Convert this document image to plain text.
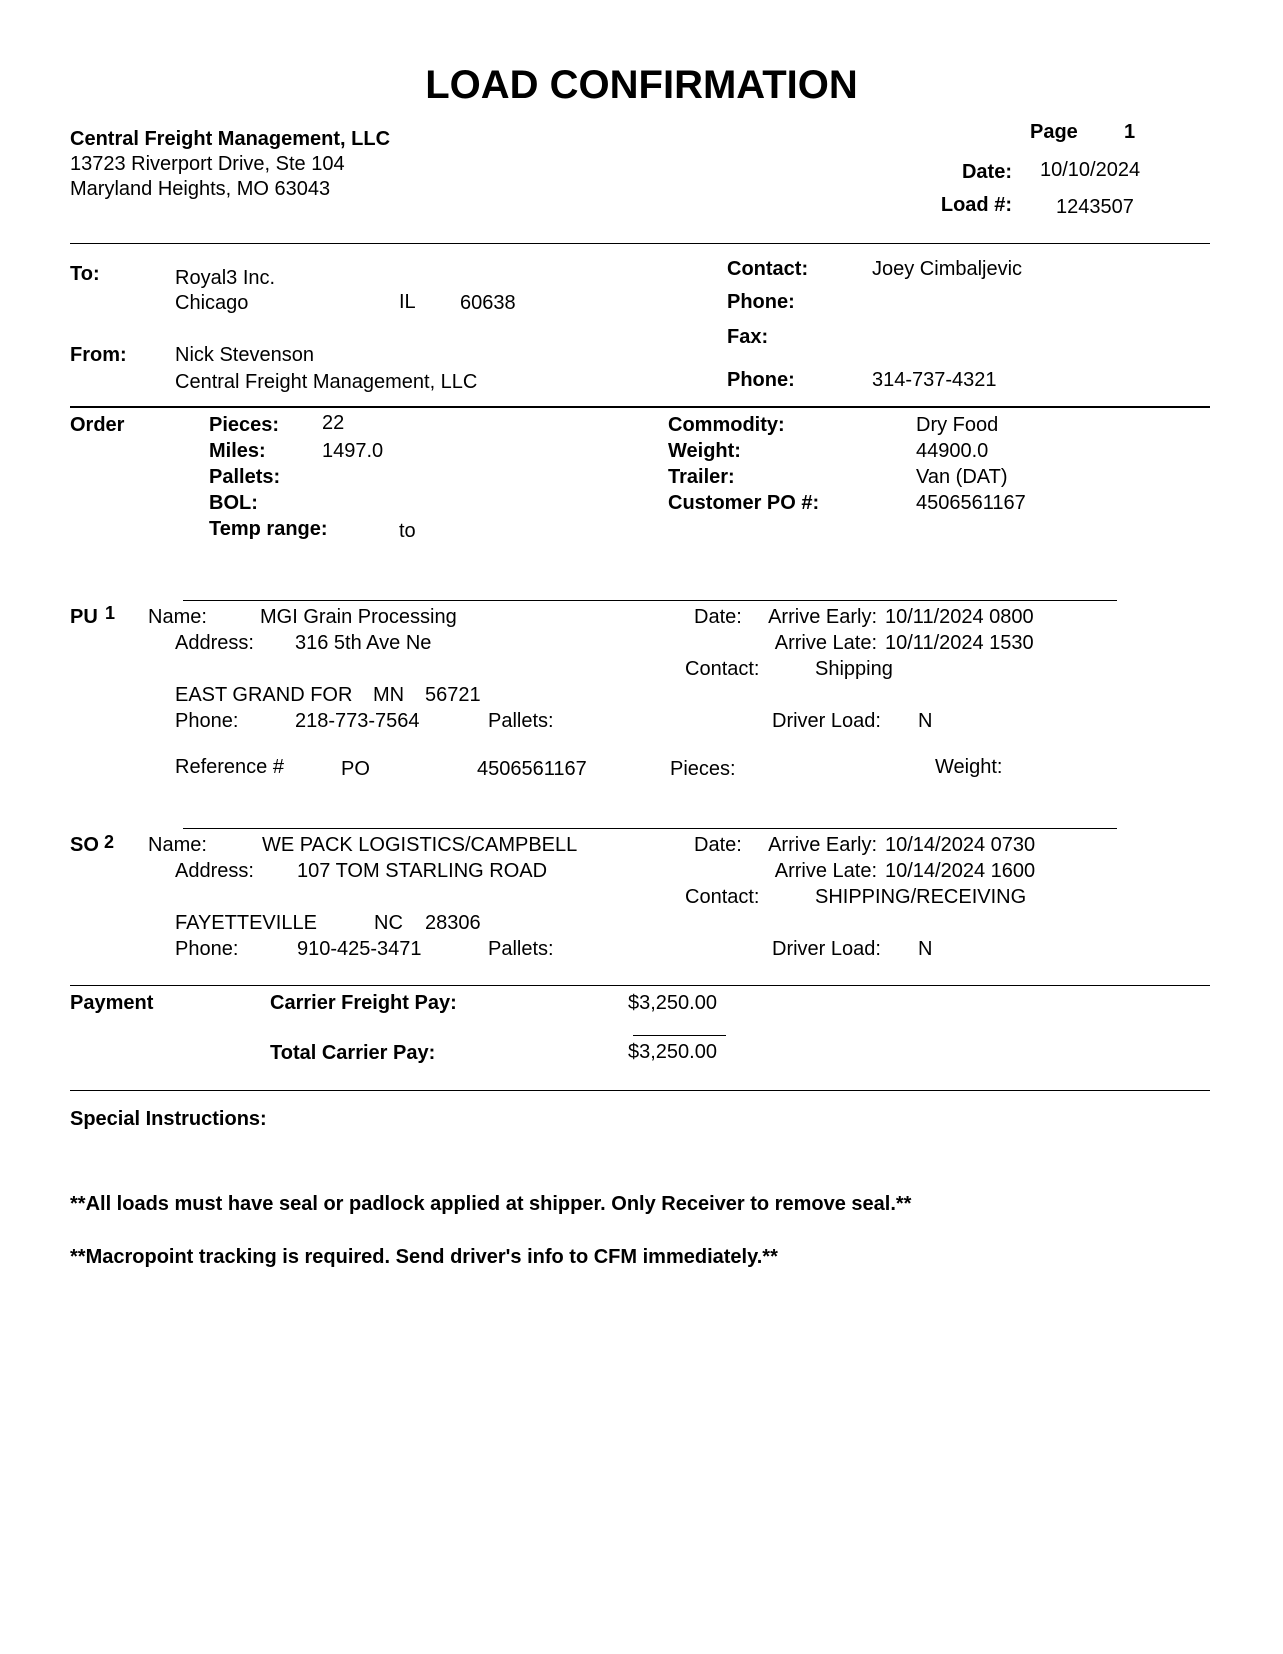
LOAD CONFIRMATION
Central Freight Management, LLC
13723 Riverport Drive, Ste 104
Maryland Heights, MO 63043
Page 1
Date: 10/10/2024
Load #: 1243507
To:	Royal3 Inc.
Chicago	IL 60638
Contact:	Joey Cimbaljevic
Phone:
Fax:
From: Nick Stevenson
Central Freight Management, LLC	Phone:	314-737-4321
Order	Pieces: 22
Miles:	1497.0
Pallets:
BOL:
Temp range:	to
Commodity:	Dry Food
Weight:	44900.0
Trailer:	Van (DAT)
Customer PO #:	4506561167
PU 1 Name:	MGI Grain Processing
Address: 316 5th Ave Ne
EAST GRAND FOR MN 56721
Phone:	218-773-7564	Pallets:
Date:	Arrive Early: 10/11/2024 0800
Arrive Late: 10/11/2024 1530
Contact:	Shipping
Driver Load: N
Reference #	PO	4506561167	Pieces:	Weight:
SO 2 Name:	WE PACK LOGISTICS/CAMPBELL
Address: 107 TOM STARLING ROAD
FAYETTEVILLE	NC 28306
Phone:	910-425-3471	Pallets:
Date:	Arrive Early: 10/14/2024 0730
Arrive Late: 10/14/2024 1600
Contact:	SHIPPING/RECEIVING
Driver Load: N
Payment	Carrier Freight Pay:	$3,250.00
Total Carrier Pay:	$3,250.00
Special Instructions:
**All loads must have seal or padlock applied at shipper. Only Receiver to remove seal.**
**Macropoint tracking is required. Send driver's info to CFM immediately.**
